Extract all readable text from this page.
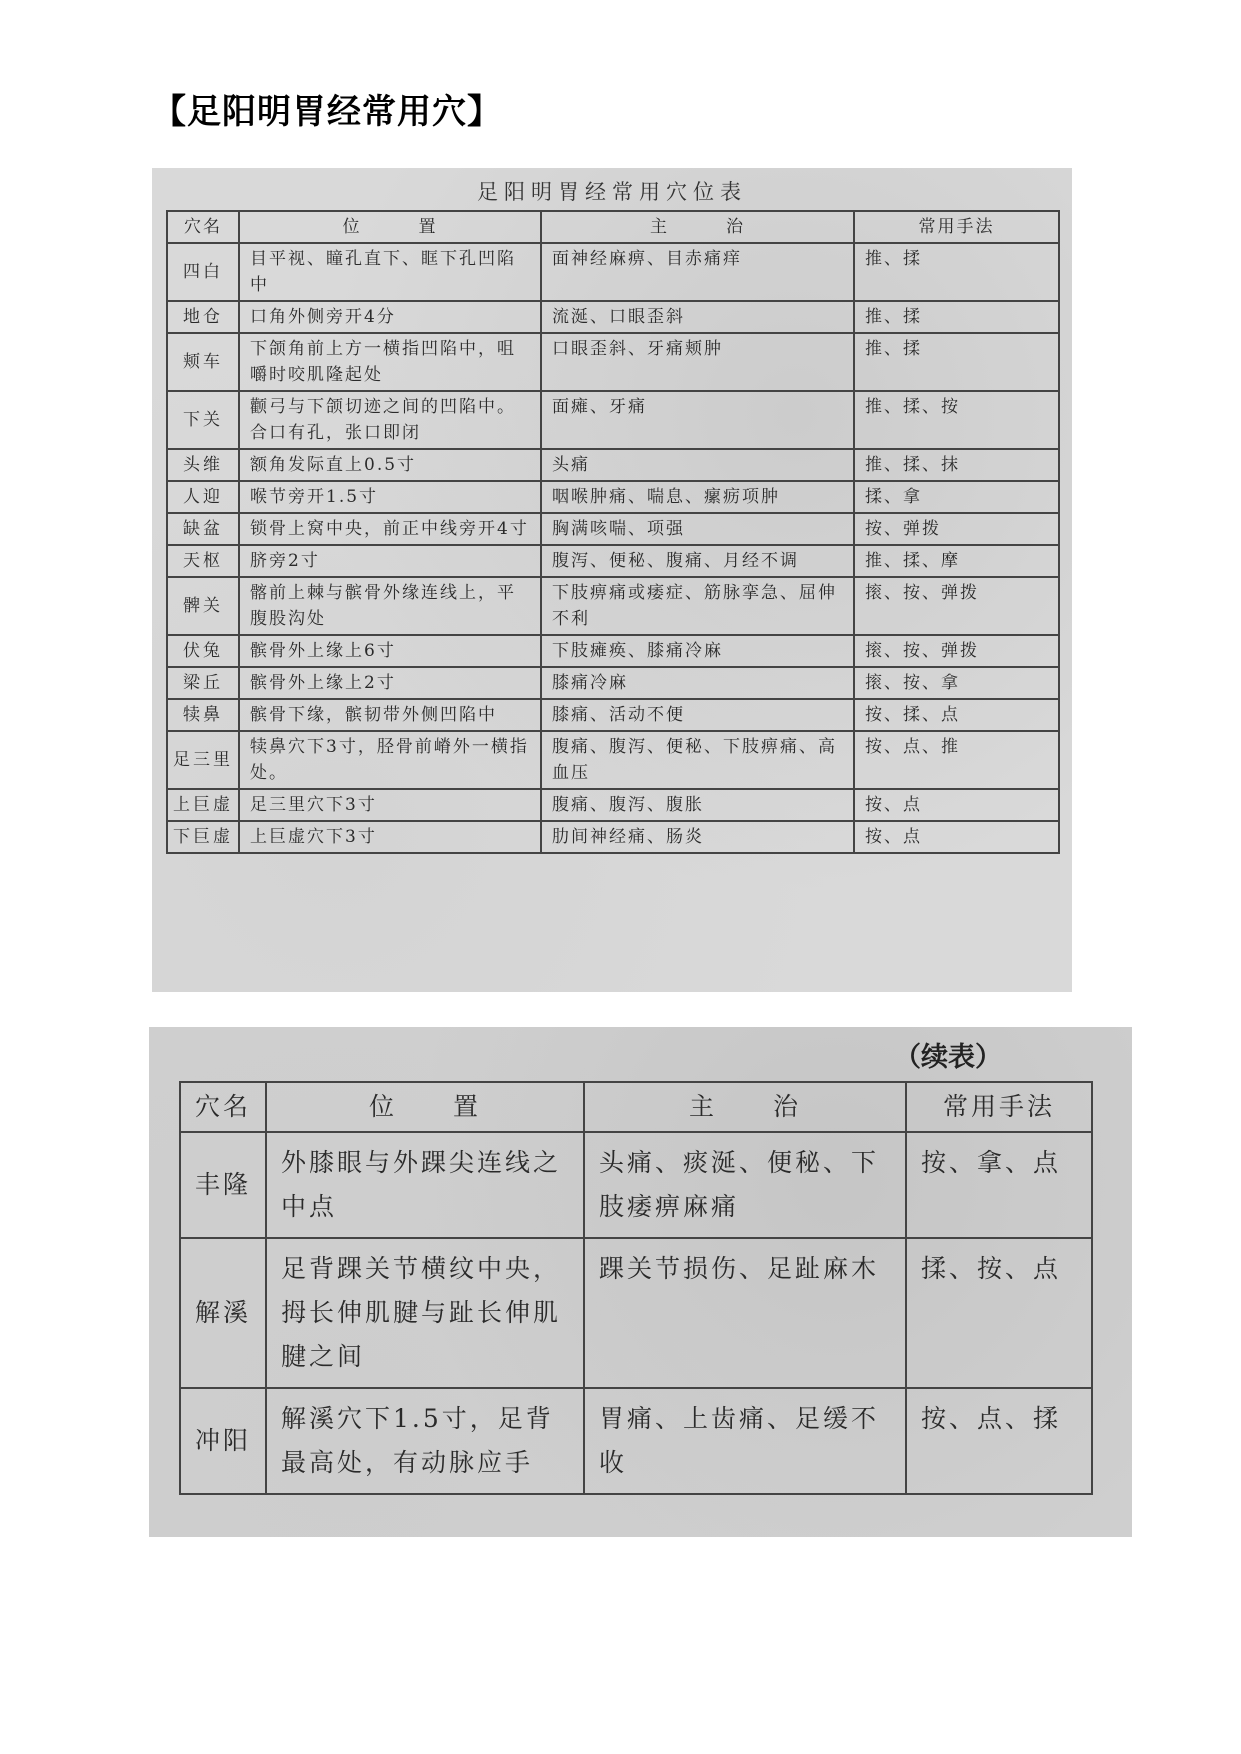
【足阳明胃经常用穴】
足阳明胃经常用穴位表
穴名	位　　　置	主　　　治	常用手法
四白	目平视、瞳孔直下、眶下孔凹陷中	面神经麻痹、目赤痛痒	推、揉
地仓	口角外侧旁开4分	流涎、口眼歪斜	推、揉
颊车	下颌角前上方一横指凹陷中，咀嚼时咬肌隆起处	口眼歪斜、牙痛颊肿	推、揉
下关	颧弓与下颌切迹之间的凹陷中。合口有孔，张口即闭	面瘫、牙痛	推、揉、按
头维	额角发际直上0.5寸	头痛	推、揉、抹
人迎	喉节旁开1.5寸	咽喉肿痛、喘息、瘰疬项肿	揉、拿
缺盆	锁骨上窝中央，前正中线旁开4寸	胸满咳喘、项强	按、弹拨
天枢	脐旁2寸	腹泻、便秘、腹痛、月经不调	推、揉、摩
髀关	髂前上棘与髌骨外缘连线上，平腹股沟处	下肢痹痛或痿症、筋脉挛急、屈伸不利	㨰、按、弹拨
伏兔	髌骨外上缘上6寸	下肢瘫痪、膝痛冷麻	㨰、按、弹拨
梁丘	髌骨外上缘上2寸	膝痛冷麻	㨰、按、拿
犊鼻	髌骨下缘，髌韧带外侧凹陷中	膝痛、活动不便	按、揉、点
足三里	犊鼻穴下3寸，胫骨前嵴外一横指处。	腹痛、腹泻、便秘、下肢痹痛、高血压	按、点、推
上巨虚	足三里穴下3寸	腹痛、腹泻、腹胀	按、点
下巨虚	上巨虚穴下3寸	肋间神经痛、肠炎	按、点
（续表）
穴名	位　　置	主　　治	常用手法
丰隆	外膝眼与外踝尖连线之中点	头痛、痰涎、便秘、下肢痿痹麻痛	按、拿、点
解溪	足背踝关节横纹中央，拇长伸肌腱与趾长伸肌腱之间	踝关节损伤、足趾麻木	揉、按、点
冲阳	解溪穴下1.5寸，足背最高处，有动脉应手	胃痛、上齿痛、足缓不收	按、点、揉
